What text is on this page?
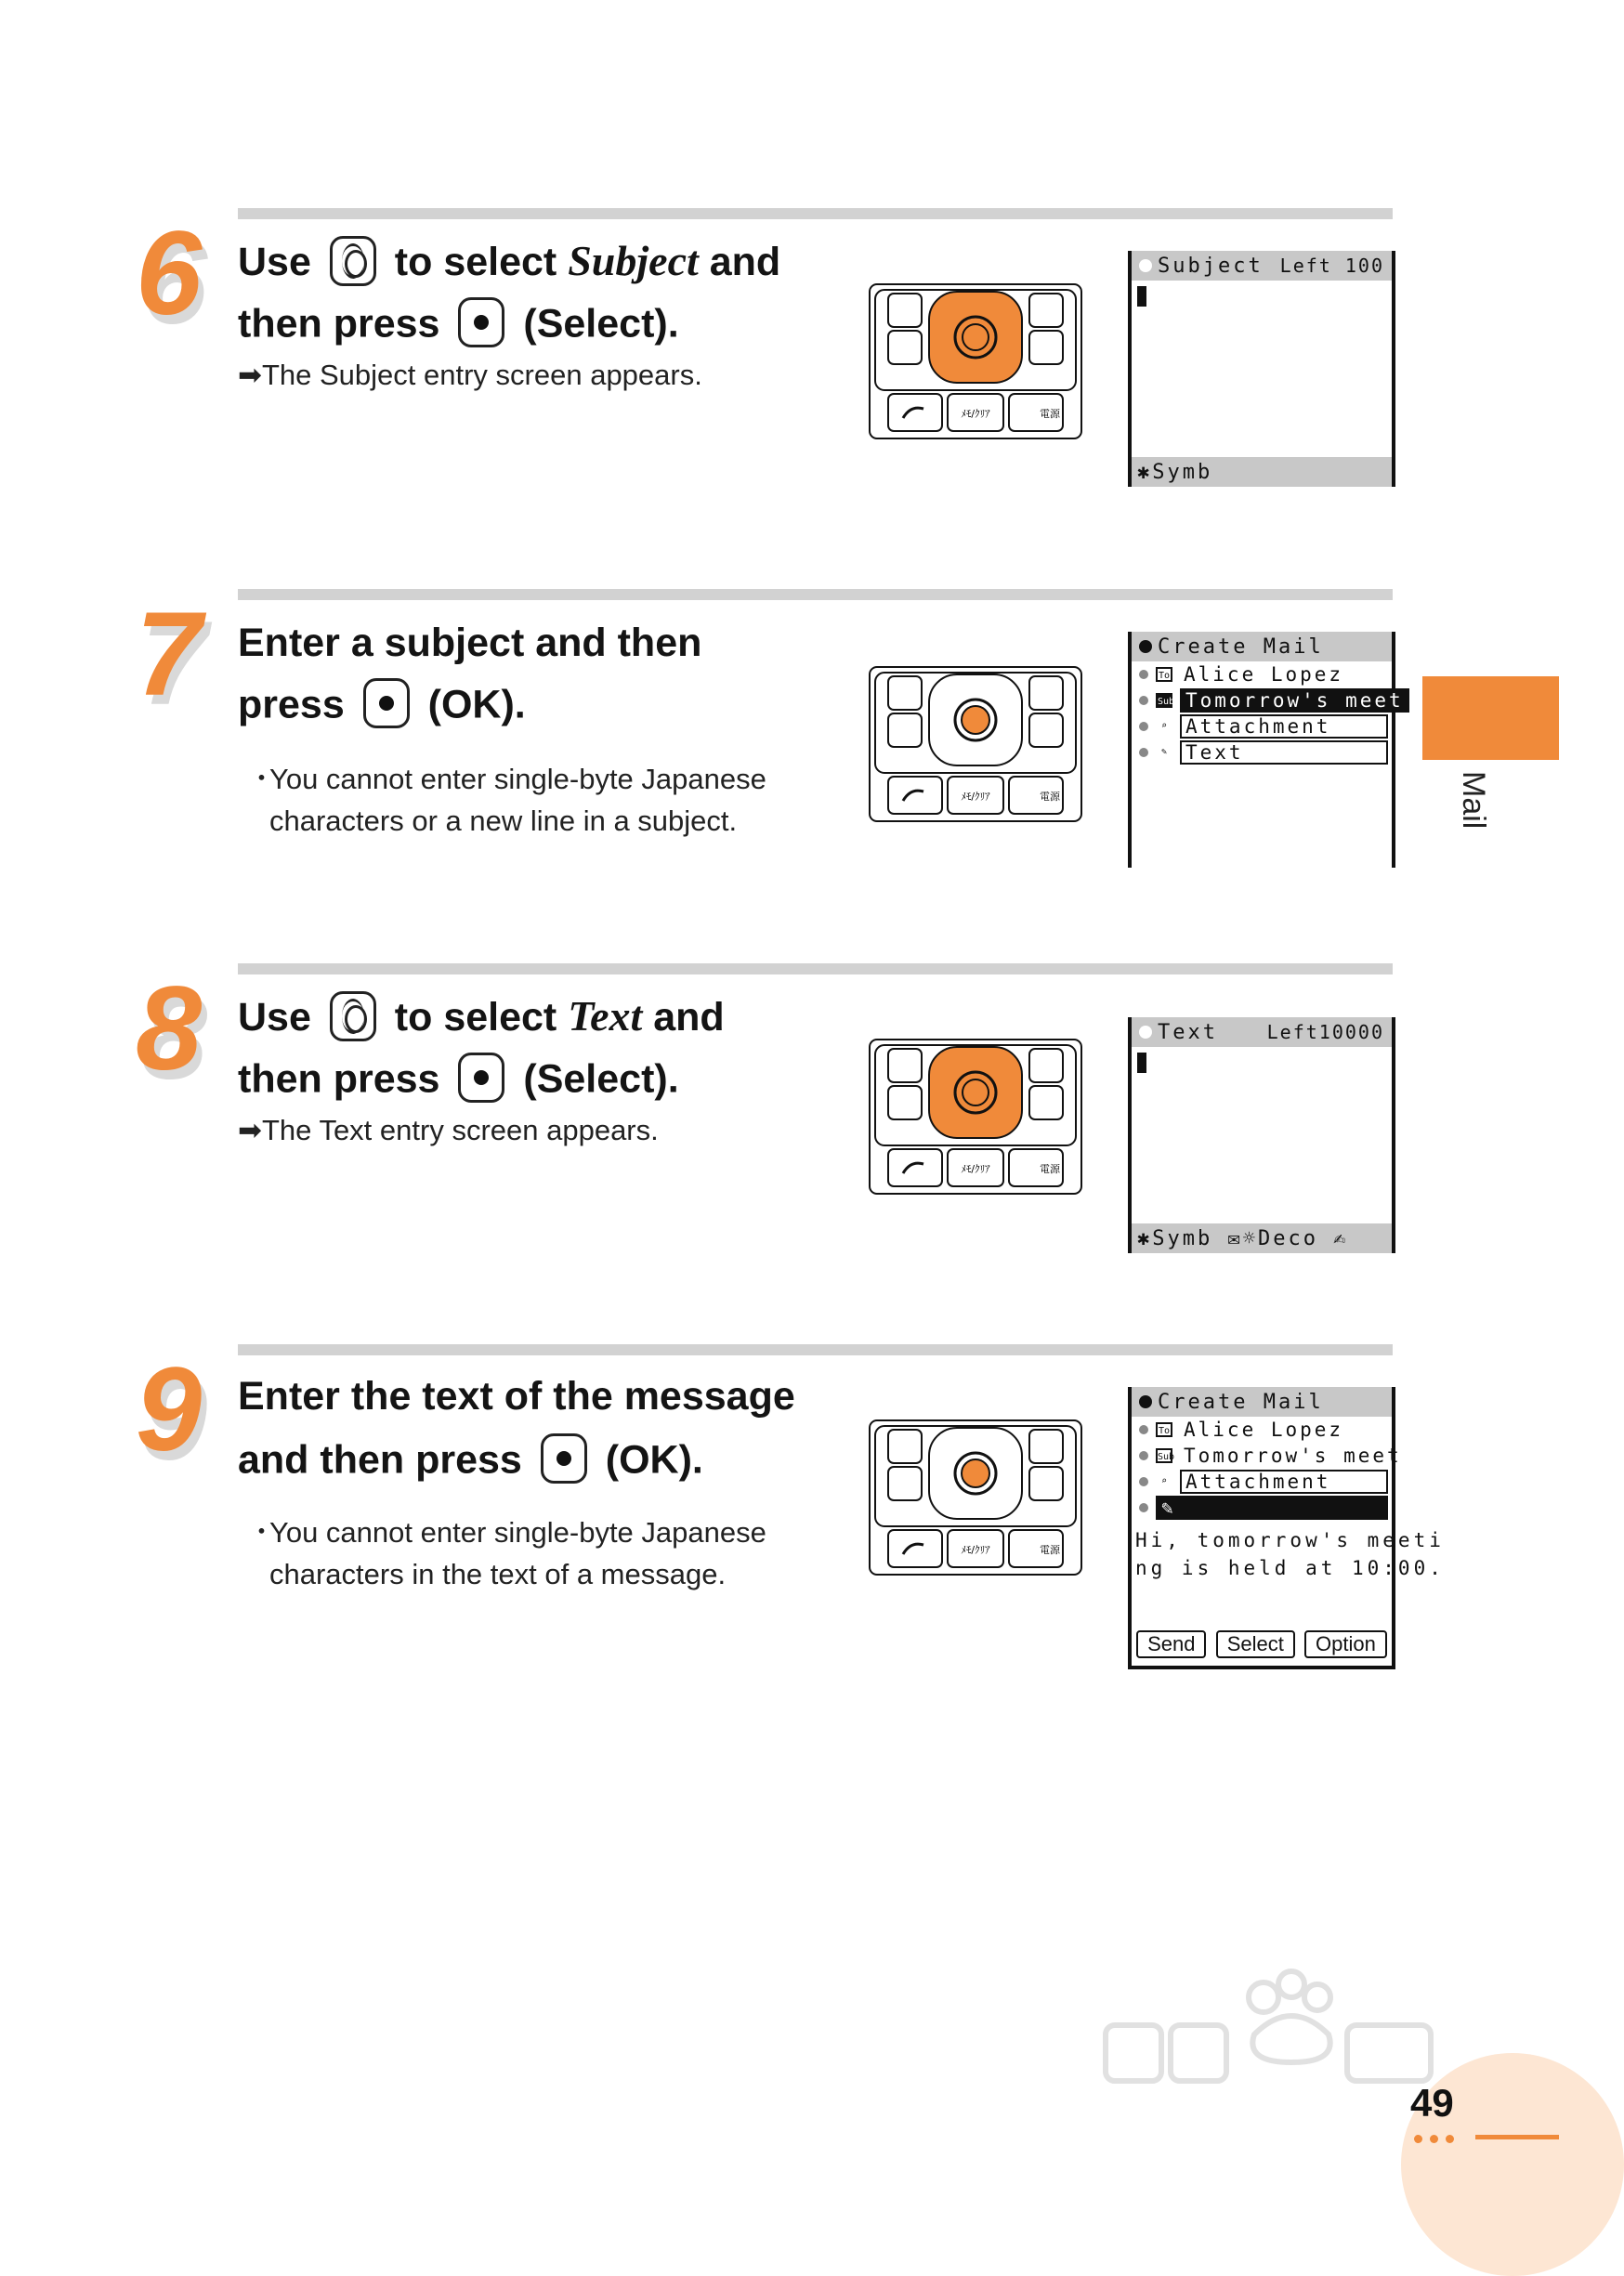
6 Use to select Subject and
then press (Select).
➡The Subject entry screen appears.
ﾒﾓ/ｸﾘｱ	電源
Subject Left 100
✱Symb
7 Enter a subject and then
press (OK).
・
You cannot enter single-byte Japanese
characters or a new line in a subject.
ﾒﾓ/ｸﾘｱ	電源
Create Mail
To Alice Lopez
Sub Tomorrow's meet
⌕ Attachment
✎ Text
8 Use to select Text and
then press (Select).
➡The Text entry screen appears.
ﾒﾓ/ｸﾘｱ	電源
Text	Left10000
✱Symb ✉☼Deco ✍
9 Enter the text of the message
and then press (OK).
・
You cannot enter single-byte Japanese
characters in the text of a message.
ﾒﾓ/ｸﾘｱ	電源
Create Mail
To Alice Lopez
Sub Tomorrow's meet
⌕ Attachment
✎
Hi, tomorrow's meeti
ng is held at 10:00.
Send	Select	Option
Mail
49
